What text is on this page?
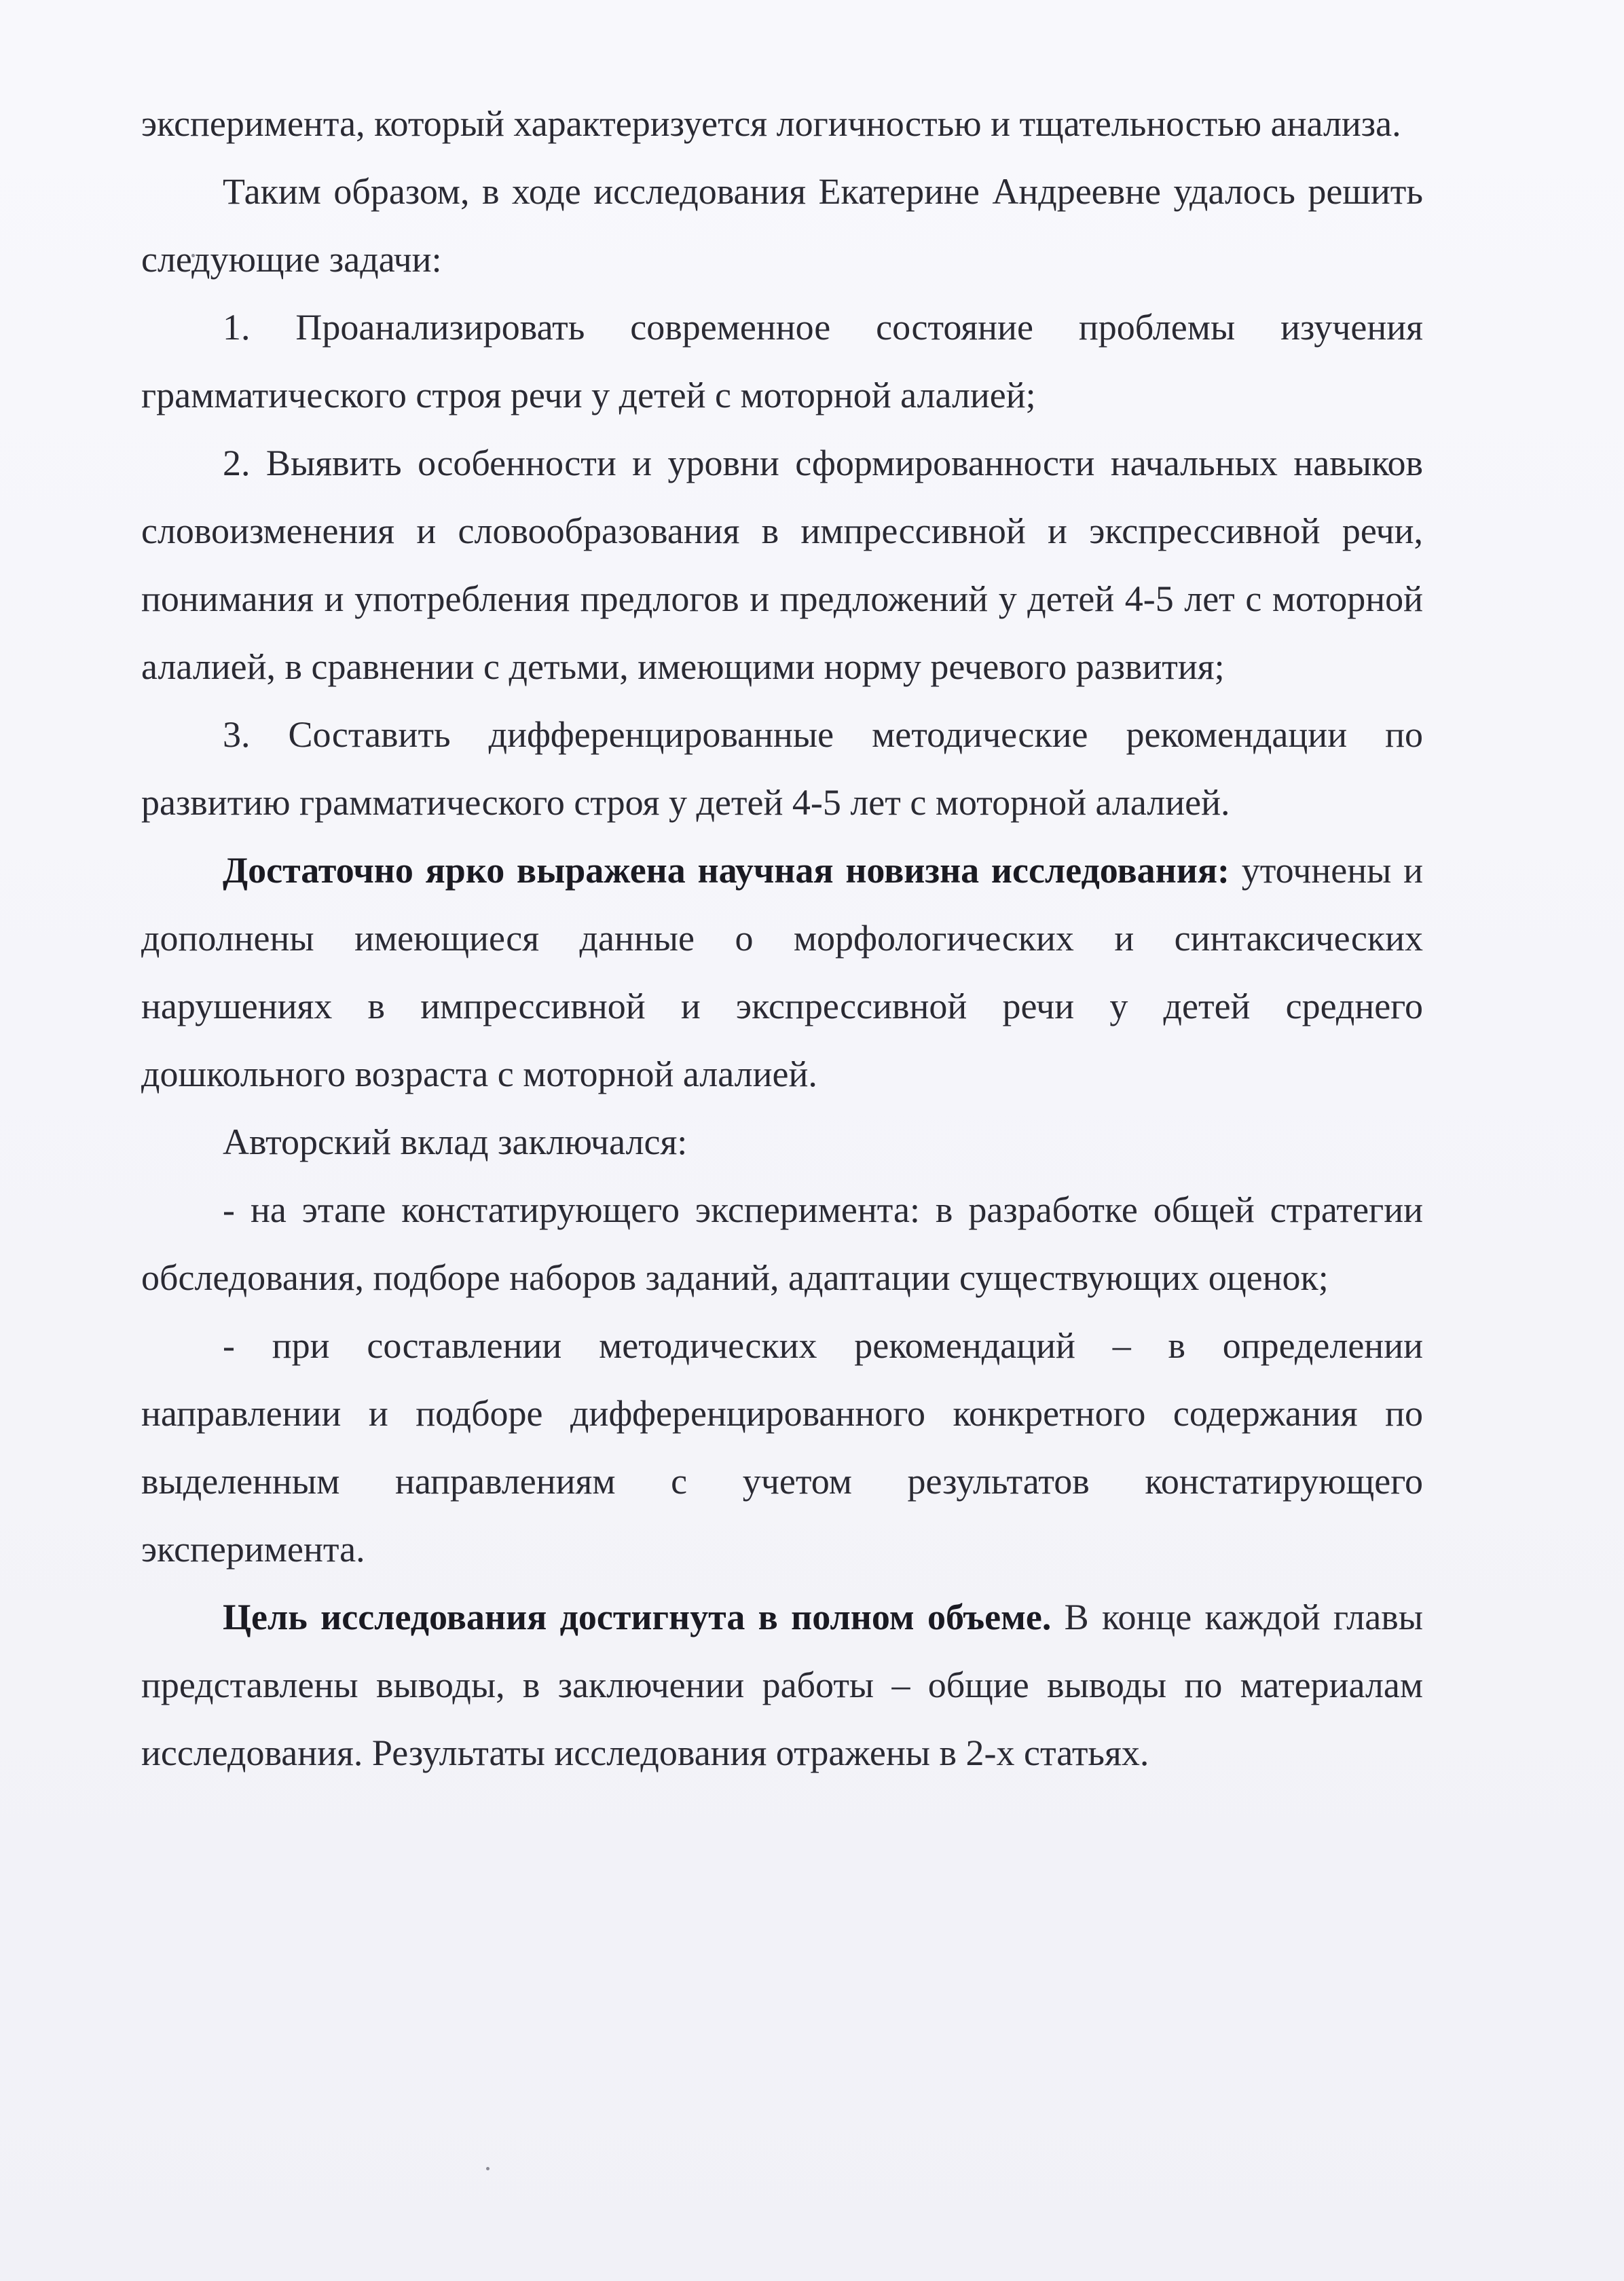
эксперимента, который характеризуется логичностью и тщательностью анализа.

Таким образом, в ходе исследования Екатерине Андреевне удалось решить следующие задачи:

1. Проанализировать современное состояние проблемы изучения грамматического строя речи у детей с моторной алалией;

2. Выявить особенности и уровни сформированности начальных навыков словоизменения и словообразования в импрессивной и экспрессивной речи, понимания и употребления предлогов и предложений у детей 4-5 лет с моторной алалией, в сравнении с детьми, имеющими норму речевого развития;

3. Составить дифференцированные методические рекомендации по развитию грамматического строя у детей 4-5 лет с моторной алалией.

Достаточно ярко выражена научная новизна исследования: уточнены и дополнены имеющиеся данные о морфологических и синтаксических нарушениях в импрессивной и экспрессивной речи у детей среднего дошкольного возраста с моторной алалией.

Авторский вклад заключался:

- на этапе констатирующего эксперимента: в разработке общей стратегии обследования, подборе наборов заданий, адаптации существующих оценок;

- при составлении методических рекомендаций – в определении направлении и подборе дифференцированного конкретного содержания по выделенным направлениям с учетом результатов констатирующего эксперимента.

Цель исследования достигнута в полном объеме. В конце каждой главы представлены выводы, в заключении работы – общие выводы по материалам исследования. Результаты исследования отражены в 2-х статьях.
